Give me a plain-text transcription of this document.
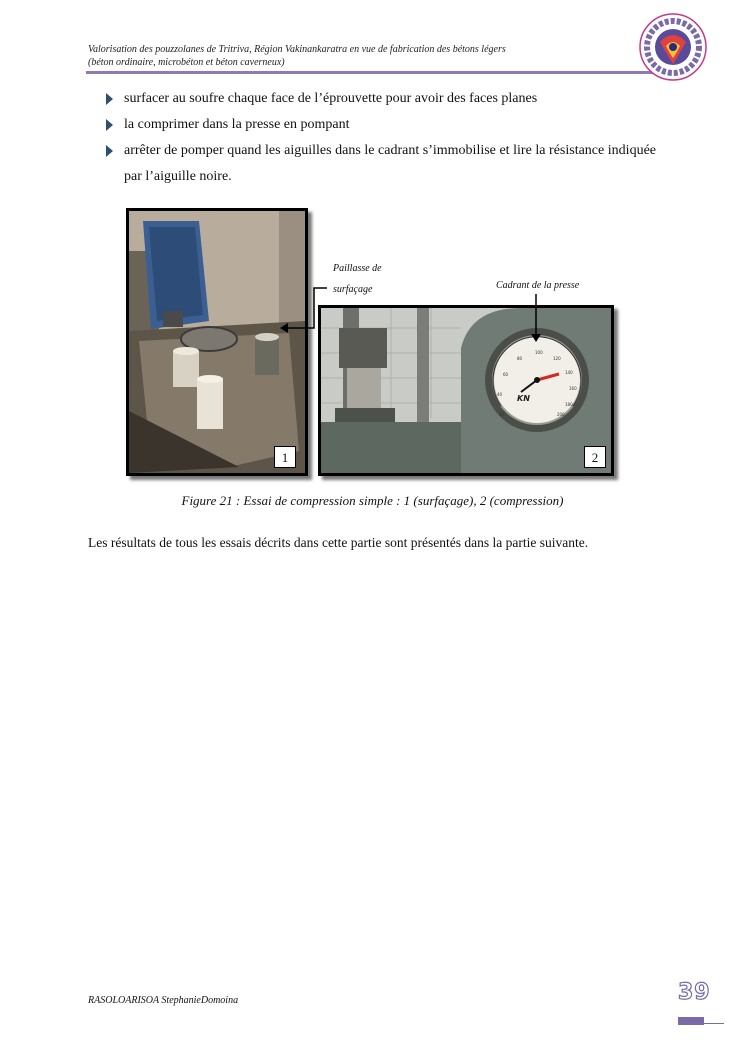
Valorisation des pouzzolanes de Tritriva, Région Vakinankaratra en vue de fabrication des bétons légers
(béton ordinaire, microbéton et béton caverneux)
surfacer au soufre chaque face de l’éprouvette pour avoir des faces planes
la comprimer dans la presse en pompant
arrêter de pomper quand les aiguilles dans le cadrant s’immobilise et lire la résistance indiquée par l’aiguille noire.
1
KN
20
40
60
80
100
120
140
160
180
200
2
Paillasse de surfaçage	Cadrant de la presse
Figure 21 : Essai de compression simple : 1 (surfaçage), 2 (compression)

Les résultats de tous les essais décrits dans cette partie sont présentés dans la partie suivante.

RASOLOARISOA StephanieDomoina	39
